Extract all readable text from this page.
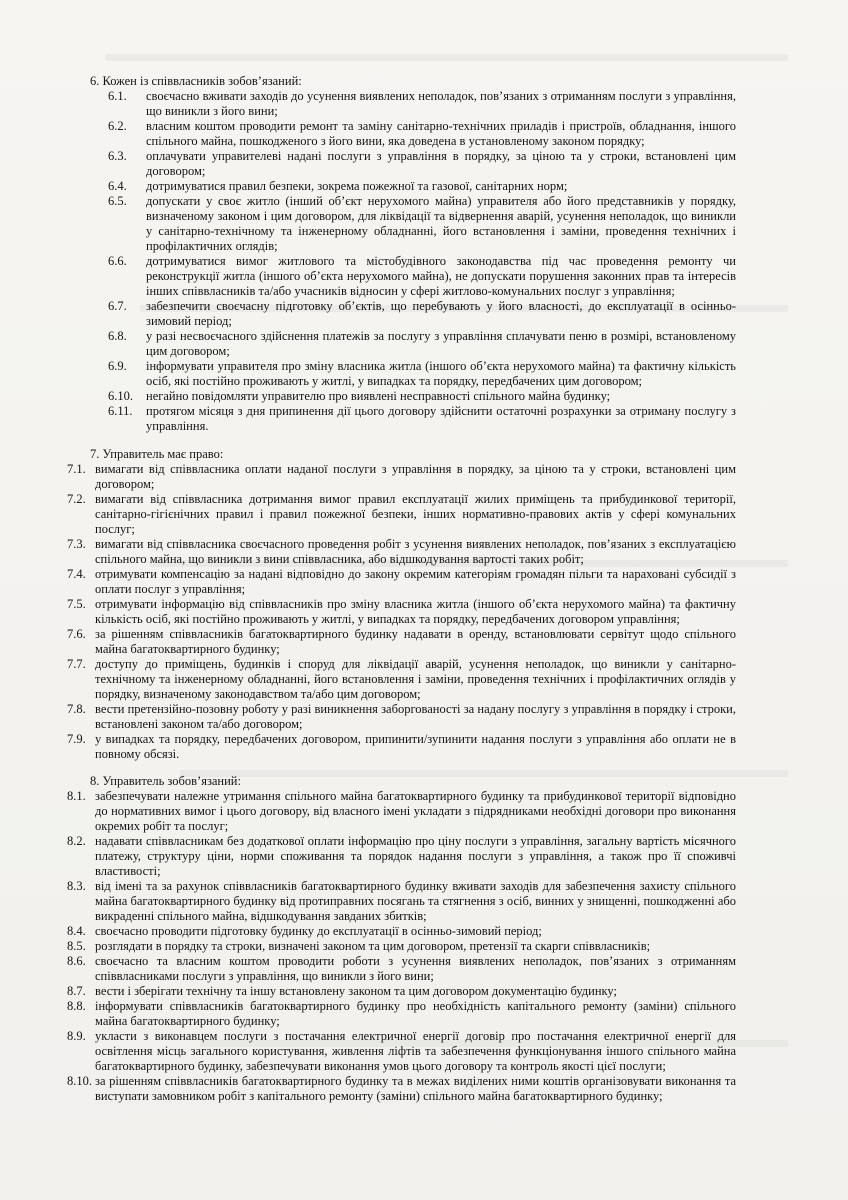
6. Кожен із співвласників зобов’язаний:

6.1. своєчасно вживати заходів до усунення виявлених неполадок, пов’язаних з отриманням послуги з управління, що виникли з його вини;
6.2. власним коштом проводити ремонт та заміну санітарно-технічних приладів і пристроїв, обладнання, іншого спільного майна, пошкодженого з його вини, яка доведена в установленому законом порядку;
6.3. оплачувати управителеві надані послуги з управління в порядку, за ціною та у строки, встановлені цим договором;
6.4. дотримуватися правил безпеки, зокрема пожежної та газової, санітарних норм;
6.5. допускати у своє житло (інший об’єкт нерухомого майна) управителя або його представників у порядку, визначеному законом і цим договором, для ліквідації та відвернення аварій, усунення неполадок, що виникли у санітарно-технічному та інженерному обладнанні, його встановлення і заміни, проведення технічних і профілактичних оглядів;
6.6. дотримуватися вимог житлового та містобудівного законодавства під час проведення ремонту чи реконструкції житла (іншого об’єкта нерухомого майна), не допускати порушення законних прав та інтересів інших співвласників та/або учасників відносин у сфері житлово-комунальних послуг з управління;
6.7. забезпечити своєчасну підготовку об’єктів, що перебувають у його власності, до експлуатації в осінньо-зимовий період;
6.8. у разі несвоєчасного здійснення платежів за послугу з управління сплачувати пеню в розмірі, встановленому цим договором;
6.9. інформувати управителя про зміну власника житла (іншого об’єкта нерухомого майна) та фактичну кількість осіб, які постійно проживають у житлі, у випадках та порядку, передбачених цим договором;
6.10. негайно повідомляти управителю про виявлені несправності спільного майна будинку;
6.11. протягом місяця з дня припинення дії цього договору здійснити остаточні розрахунки за отриману послугу з управління.

7. Управитель має право:

7.1. вимагати від співвласника оплати наданої послуги з управління в порядку, за ціною та у строки, встановлені цим договором;
7.2. вимагати від співвласника дотримання вимог правил експлуатації жилих приміщень та прибудинкової території, санітарно-гігієнічних правил і правил пожежної безпеки, інших нормативно-правових актів у сфері комунальних послуг;
7.3. вимагати від співвласника своєчасного проведення робіт з усунення виявлених неполадок, пов’язаних з експлуатацією спільного майна, що виникли з вини співвласника, або відшкодування вартості таких робіт;
7.4. отримувати компенсацію за надані відповідно до закону окремим категоріям громадян пільги та нараховані субсидії з оплати послуг з управління;
7.5. отримувати інформацію від співвласників про зміну власника житла (іншого об’єкта нерухомого майна) та фактичну кількість осіб, які постійно проживають у житлі, у випадках та порядку, передбачених договором управління;
7.6. за рішенням співвласників багатоквартирного будинку надавати в оренду, встановлювати сервітут щодо спільного майна багатоквартирного будинку;
7.7. доступу до приміщень, будинків і споруд для ліквідації аварій, усунення неполадок, що виникли у санітарно-технічному та інженерному обладнанні, його встановлення і заміни, проведення технічних і профілактичних оглядів у порядку, визначеному законодавством та/або цим договором;
7.8. вести претензійно-позовну роботу у разі виникнення заборгованості за надану послугу з управління в порядку і строки, встановлені законом та/або договором;
7.9. у випадках та порядку, передбачених договором, припинити/зупинити надання послуги з управління або оплати не в повному обсязі.

8. Управитель зобов’язаний:

8.1. забезпечувати належне утримання спільного майна багатоквартирного будинку та прибудинкової території відповідно до нормативних вимог і цього договору, від власного імені укладати з підрядниками необхідні договори про виконання окремих робіт та послуг;
8.2. надавати співвласникам без додаткової оплати інформацію про ціну послуги з управління, загальну вартість місячного платежу, структуру ціни, норми споживання та порядок надання послуги з управління, а також про її споживчі властивості;
8.3. від імені та за рахунок співвласників багатоквартирного будинку вживати заходів для забезпечення захисту спільного майна багатоквартирного будинку від протиправних посягань та стягнення з осіб, винних у знищенні, пошкодженні або викраденні спільного майна, відшкодування завданих збитків;
8.4. своєчасно проводити підготовку будинку до експлуатації в осінньо-зимовий період;
8.5. розглядати в порядку та строки, визначені законом та цим договором, претензії та скарги співвласників;
8.6. своєчасно та власним коштом проводити роботи з усунення виявлених неполадок, пов’язаних з отриманням співвласниками послуги з управління, що виникли з його вини;
8.7. вести і зберігати технічну та іншу встановлену законом та цим договором документацію будинку;
8.8. інформувати співвласників багатоквартирного будинку про необхідність капітального ремонту (заміни) спільного майна багатоквартирного будинку;
8.9. укласти з виконавцем послуги з постачання електричної енергії договір про постачання електричної енергії для освітлення місць загального користування, живлення ліфтів та забезпечення функціонування іншого спільного майна багатоквартирного будинку, забезпечувати виконання умов цього договору та контроль якості цієї послуги;
8.10. за рішенням співвласників багатоквартирного будинку та в межах виділених ними коштів організовувати виконання та виступати замовником робіт з капітального ремонту (заміни) спільного майна багатоквартирного будинку;
